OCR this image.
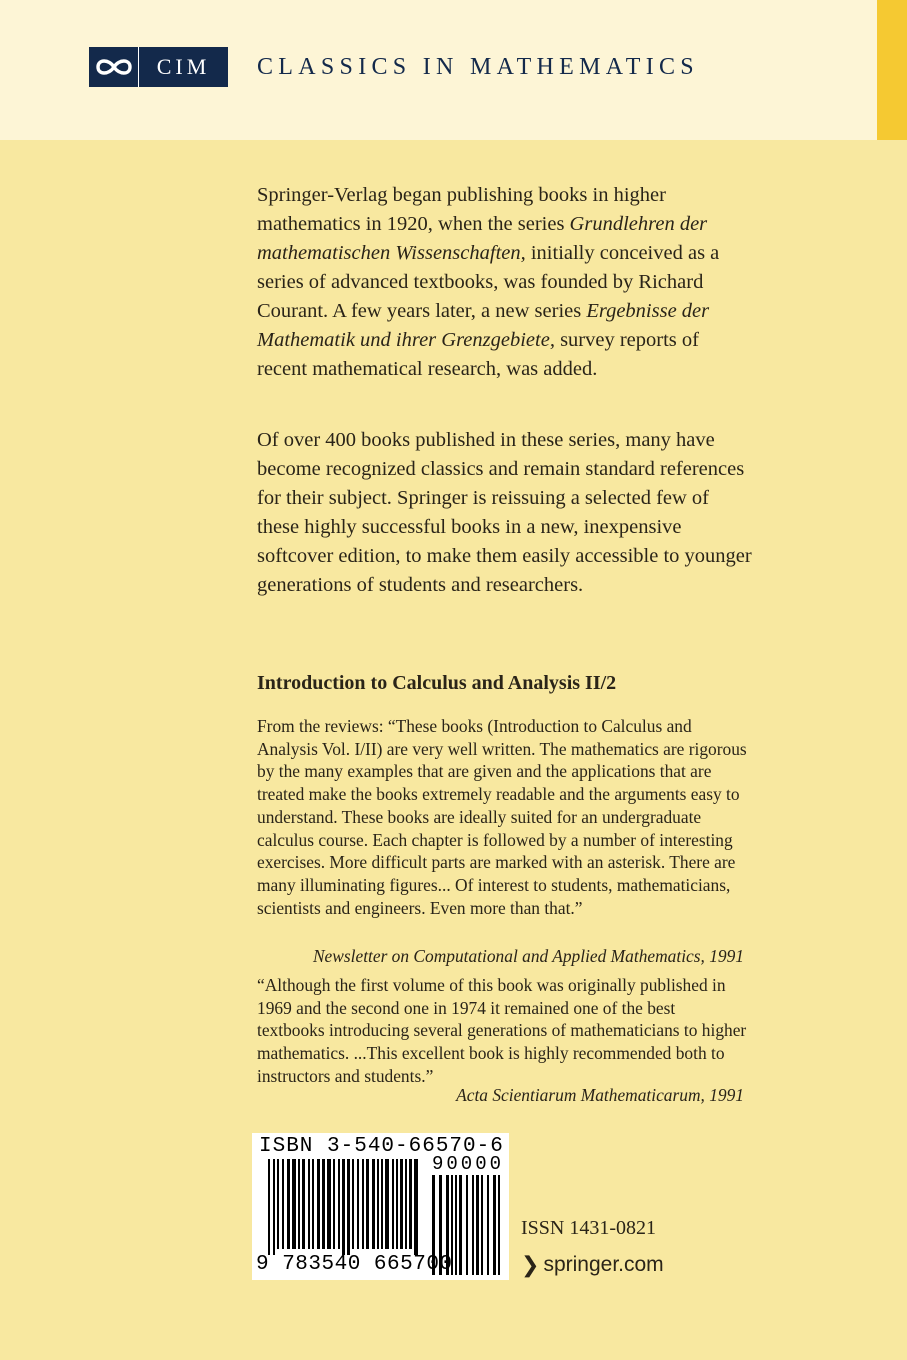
CIM	CLASSICS IN MATHEMATICS

Springer-Verlag began publishing books in higher mathematics in 1920, when the series Grundlehren der mathematischen Wissenschaften, initially conceived as a series of advanced textbooks, was founded by Richard Courant. A few years later, a new series Ergebnisse der Mathematik und ihrer Grenzgebiete, survey reports of recent mathematical research, was added.

Of over 400 books published in these series, many have become recognized classics and remain standard references for their subject. Springer is reissuing a selected few of these highly successful books in a new, inexpensive softcover edition, to make them easily accessible to younger generations of students and researchers.

Introduction to Calculus and Analysis II/2

From the reviews: “These books (Introduction to Calculus and Analysis Vol. I/II) are very well written. The mathematics are rigorous by the many examples that are given and the applications that are treated make the books extremely readable and the arguments easy to understand. These books are ideally suited for an undergraduate calculus course. Each chapter is followed by a number of interesting exercises. More difficult parts are marked with an asterisk. There are many illuminating figures... Of interest to students, mathematicians, scientists and engineers. Even more than that.”

Newsletter on Computational and Applied Mathematics, 1991

“Although the first volume of this book was originally published in 1969 and the second one in 1974 it remained one of the best textbooks introducing several generations of mathematicians to higher mathematics. ...This excellent book is highly recommended both to instructors and students.”

Acta Scientiarum Mathematicarum, 1991
ISBN 3-540-66570-6
90000
9 783540 665700
ISSN 1431-0821
❯ springer.com
